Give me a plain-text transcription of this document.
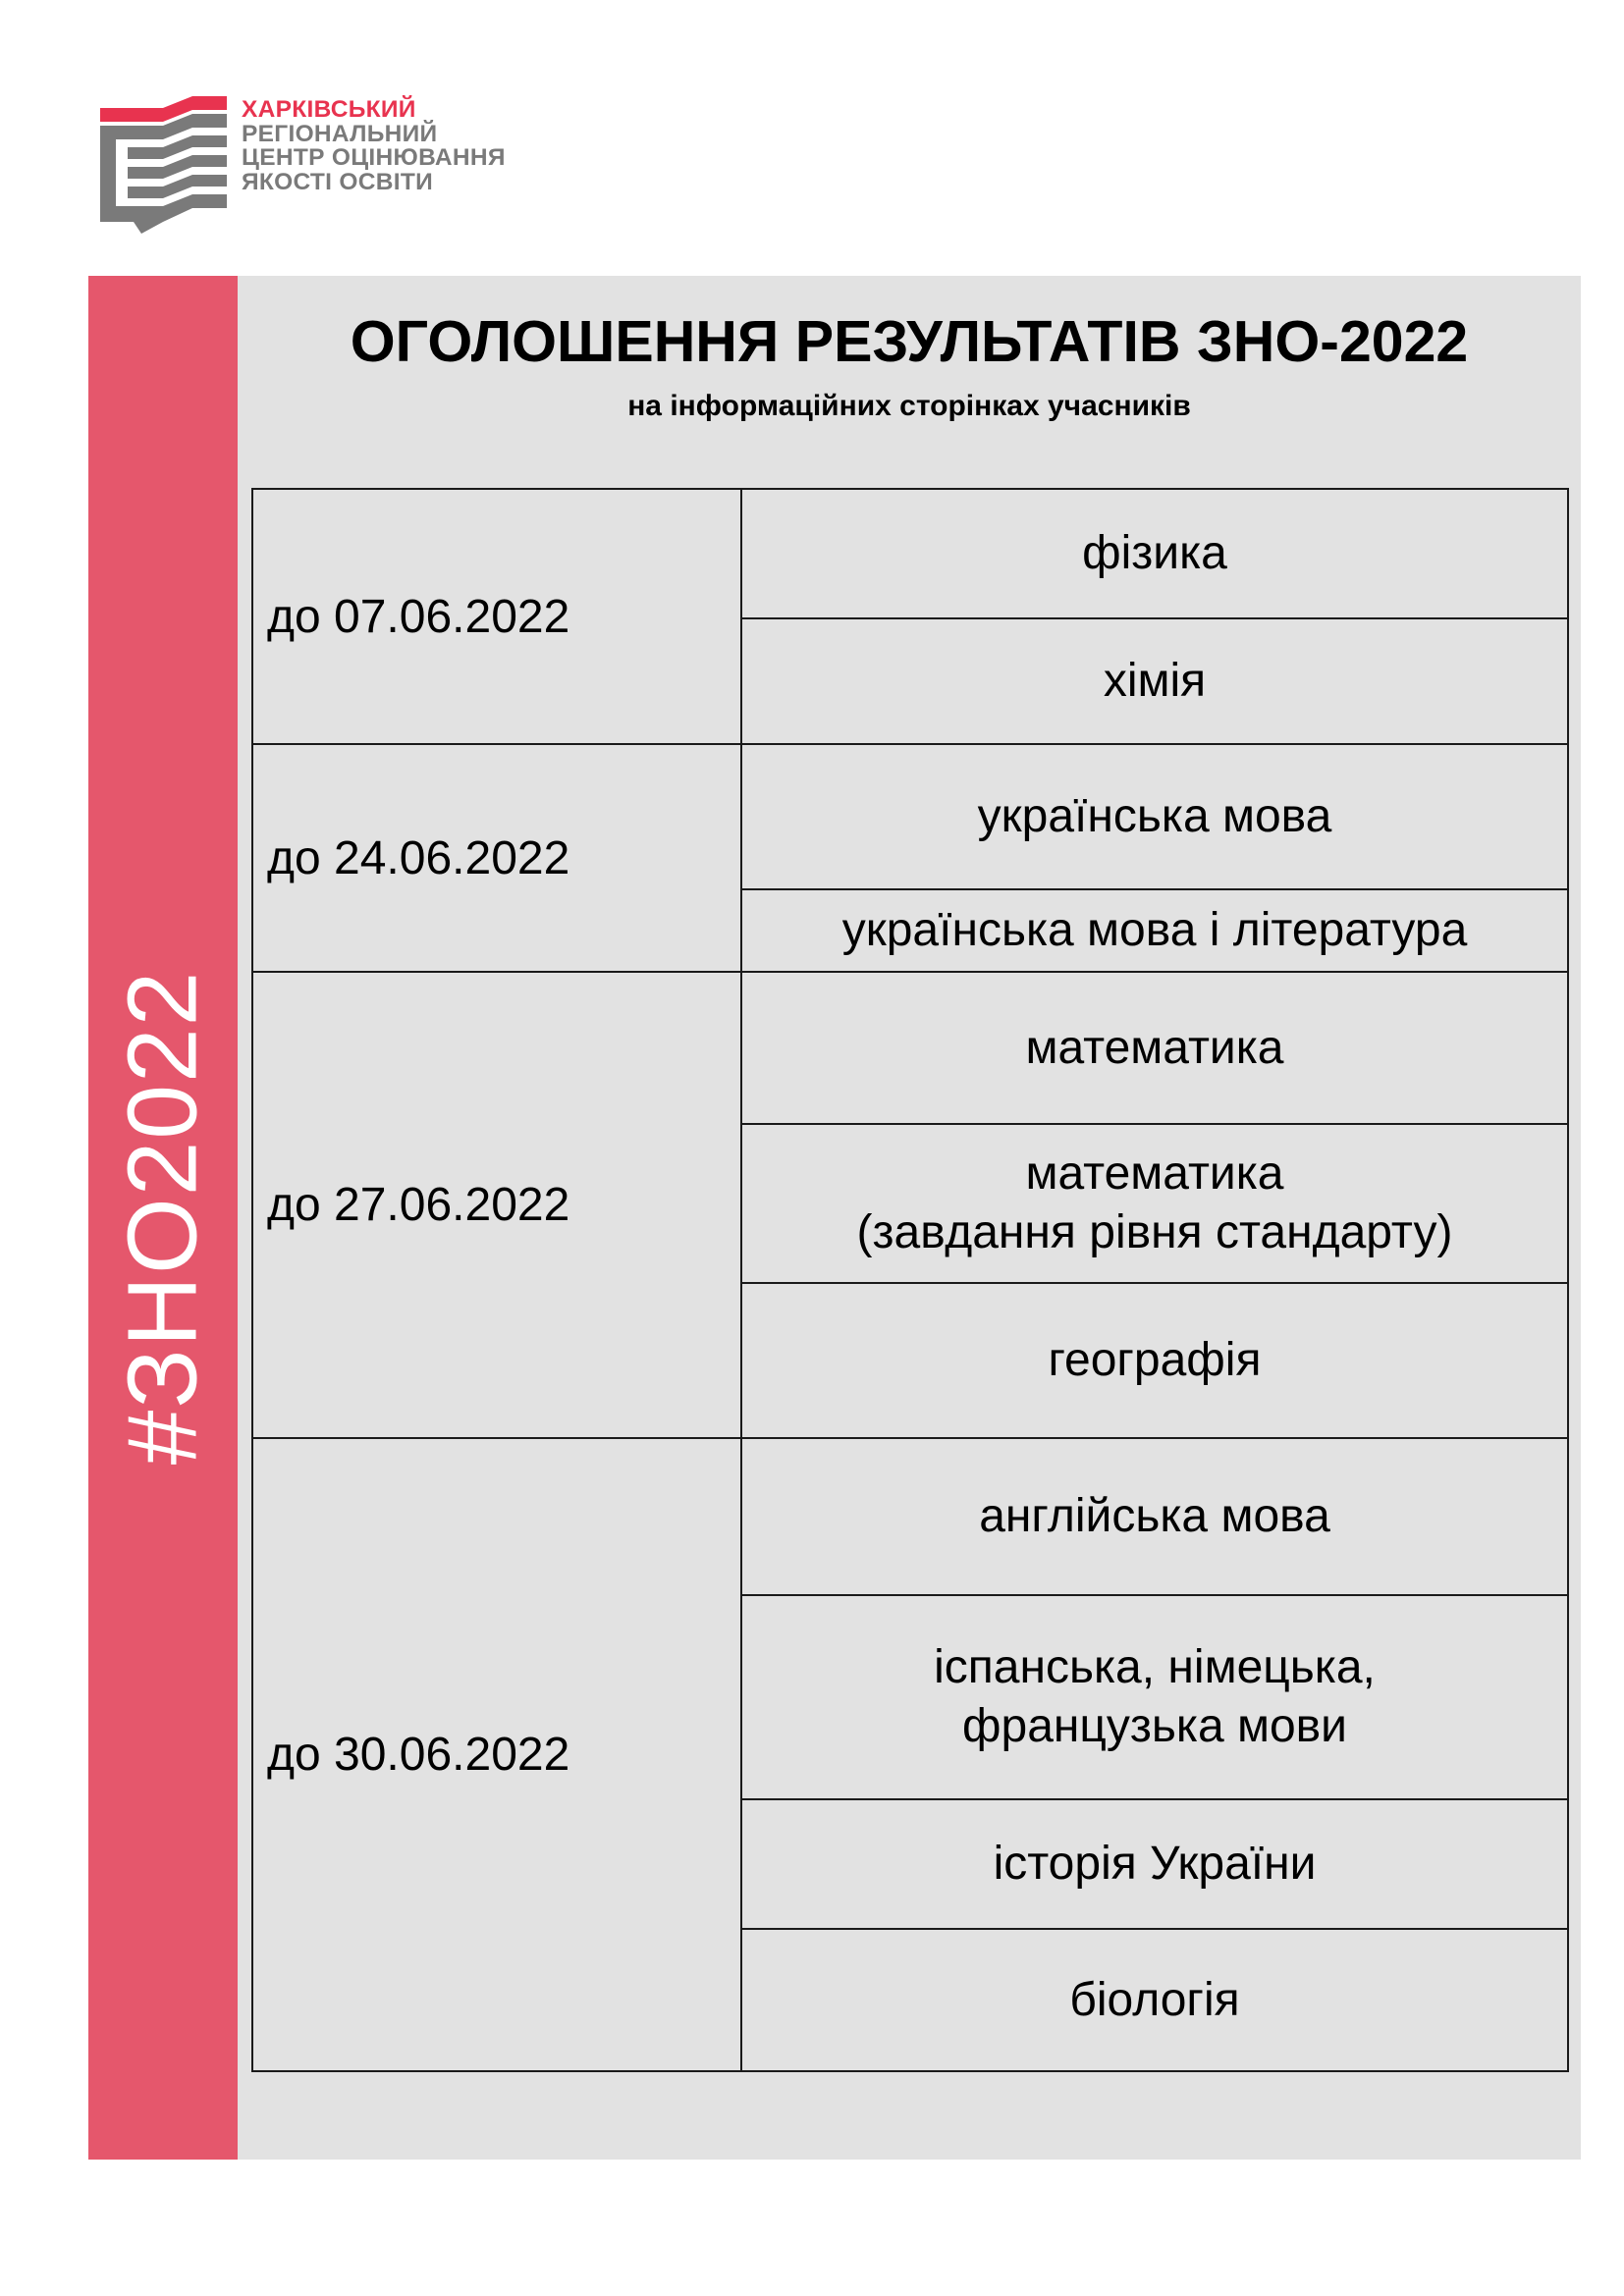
ХАРКІВСЬКИЙ
РЕГІОНАЛЬНИЙ
ЦЕНТР ОЦІНЮВАННЯ
ЯКОСТІ ОСВІТИ
#ЗНО2022
ОГОЛОШЕННЯ РЕЗУЛЬТАТІВ ЗНО-2022
на інформаційних сторінках учасників
до 07.06.2022	фізика
	хімія
до 24.06.2022	українська мова
	українська мова і література
до 27.06.2022	математика
	математика
(завдання рівня стандарту)
	географія
до 30.06.2022	англійська мова
	іспанська, німецька,
французька мови
	історія України
	біологія
